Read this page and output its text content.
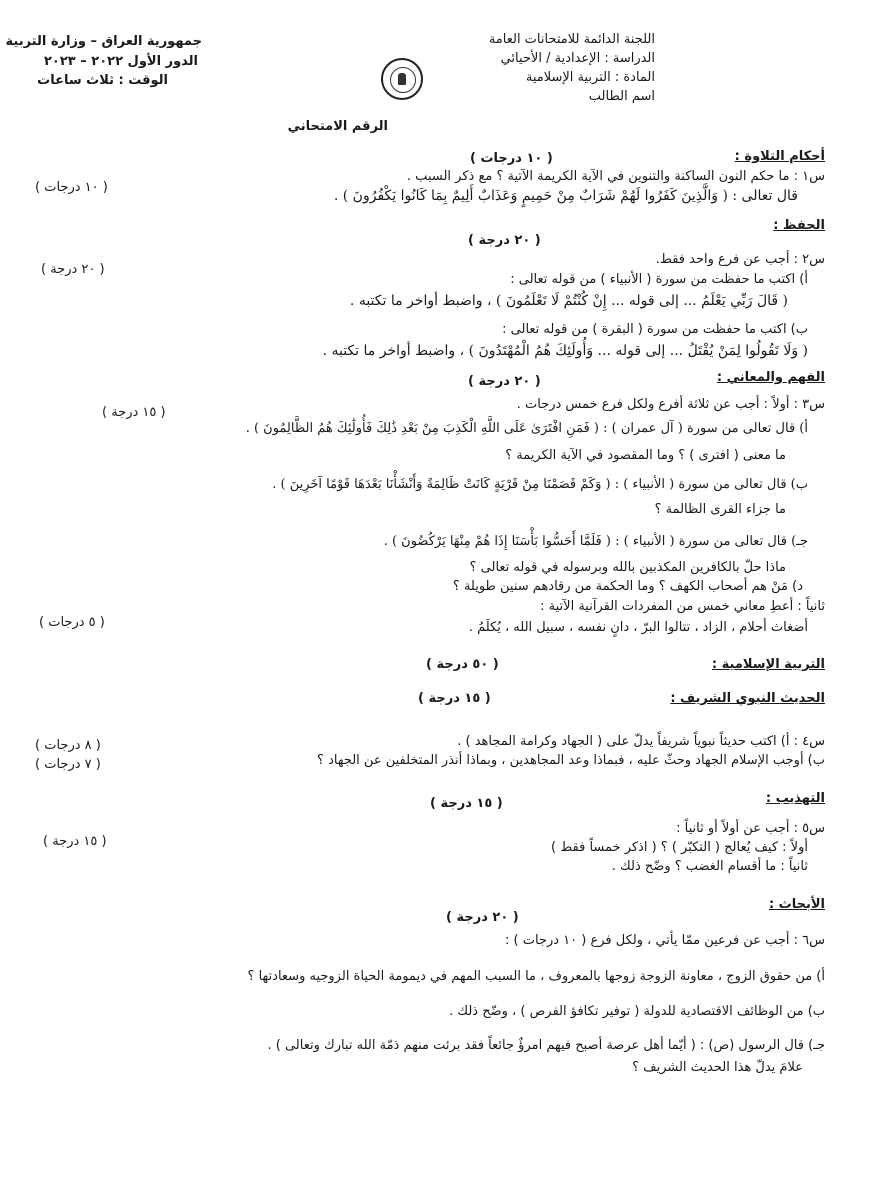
اللجنة الدائمة للامتحانات العامة
الدراسة : الإعدادية / الأحيائي
المادة : التربية الإسلامية
اسم الطالب
جمهورية العراق – وزارة التربية
الدور الأول ٢٠٢٢ – ٢٠٢٣
الوقت : ثلاث ساعات
الرقم الامتحاني
أحكام التلاوة :
( ١٠ درجات )
س١ : ما حكم النون الساكنة والتنوين في الآية الكريمة الآتية ؟ مع ذكر السبب .
( ١٠ درجات )
قال تعالى : ( وَالَّذِينَ كَفَرُوا لَهُمْ شَرَابٌ مِنْ حَمِيمٍ وَعَذَابٌ أَلِيمٌ بِمَا كَانُوا يَكْفُرُونَ ) .
الحفظ :
( ٢٠ درجة )
س٢ : أجب عن فرع واحد فقط.
( ٢٠ درجة )
أ) اكتب ما حفظت من سورة ( الأنبياء ) من قوله تعالى :
( قَالَ رَبِّي يَعْلَمُ ... إلى قوله ... إِنْ كُنْتُمْ لَا تَعْلَمُونَ ) ، واضبط أواخر ما تكتبه .
ب) اكتب ما حفظت من سورة ( البقرة ) من قوله تعالى :
( وَلَا تَقُولُوا لِمَنْ يُقْتَلُ ... إلى قوله ... وَأُولَئِكَ هُمُ الْمُهْتَدُونَ ) ، واضبط أواخر ما تكتبه .
الفهم والمعاني :
( ٢٠ درجة )
س٣ : أولاً : أجب عن ثلاثة أفرع ولكل فرع خمس درجات .
( ١٥ درجة )
أ) قال تعالى من سورة ( آل عمران ) : ( فَمَنِ افْتَرَىٰ عَلَى اللَّهِ الْكَذِبَ مِنْ بَعْدِ ذَٰلِكَ فَأُولَٰئِكَ هُمُ الظَّالِمُونَ ) .
ما معنى ( افترى ) ؟ وما المقصود في الآية الكريمة ؟
ب) قال تعالى من سورة ( الأنبياء ) : ( وَكَمْ قَصَمْنَا مِنْ قَرْيَةٍ كَانَتْ ظَالِمَةً وَأَنْشَأْنَا بَعْدَهَا قَوْمًا آخَرِينَ ) .
ما جزاء القرى الظالمة ؟
جـ) قال تعالى من سورة ( الأنبياء ) : ( فَلَمَّا أَحَسُّوا بَأْسَنَا إِذَا هُمْ مِنْهَا يَرْكُضُونَ ) .
ماذا حلّ بالكافرين المكذبين بالله وبرسوله في قوله تعالى ؟
د) مَنْ هم أصحاب الكهف ؟ وما الحكمة من رقادهم سنين طويلة ؟
ثانياً : أعطِ معاني خمس من المفردات القرآنية الآتية :
( ٥ درجات )	أضغاث أحلام ، الزاد ، تتالوا البرّ ، دانٍ نفسه ، سبيل الله ، يُكلَمُ .
التربية الإسلامية :
( ٥٠ درجة )
الحديث النبوي الشريف :
( ١٥ درجة )
س٤ : أ) اكتب حديثاً نبوياً شريفاً يدلّ على ( الجهاد وكرامة المجاهد ) .
( ٨ درجات )
ب) أوجب الإسلام الجهاد وحثّ عليه ، فبماذا وعد المجاهدين ، وبماذا أنذر المتخلفين عن الجهاد ؟
( ٧ درجات )
التهذيب :
( ١٥ درجة )
س٥ : أجب عن أولاً أو ثانياً :
( ١٥ درجة )	أولاً : كيف يُعالج ( التكبّر ) ؟ ( اذكر خمساً فقط )
ثانياً : ما أقسام الغضب ؟ وضّح ذلك .
الأبحاث :
( ٢٠ درجة )
س٦ : أجب عن فرعين ممّا يأتي ، ولكل فرع ( ١٠ درجات ) :
أ) من حقوق الزوج ، معاونة الزوجة زوجها بالمعروف ، ما السبب المهم في ديمومة الحياة الزوجيه وسعادتها ؟
ب) من الوظائف الاقتصادية للدولة ( توفير تكافؤ الفرص ) ، وضّح ذلك .
جـ) قال الرسول (ص) : ( أيّما أهل عرصة أصبح فيهم امرؤٌ جائعاً فقد برئت منهم ذمّة الله تبارك وتعالى ) .
علامَ يدلّ هذا الحديث الشريف ؟
